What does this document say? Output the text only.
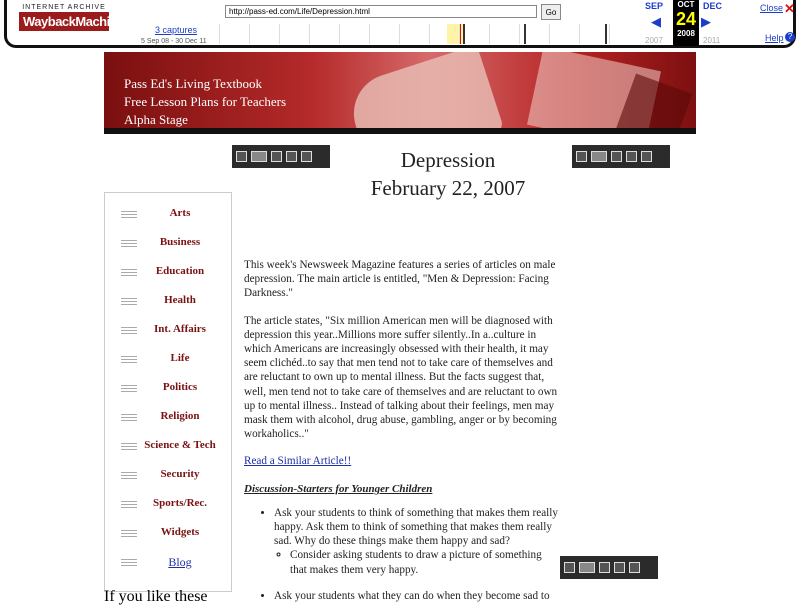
INTERNET ARCHIVE
WaybackMachine
3 captures
5 Sep 08 - 30 Dec 11
http://pass-ed.com/Life/Depression.html
Go
SEP
◀
OCT
24
2008
▶
DEC
2007	2011
Close ✕
Help ?
Pass Ed's Living Textbook
Free Lesson Plans for Teachers
Alpha Stage
Depression
February 22, 2007
Arts
Business
Education
Health
Int. Affairs
Life
Politics
Religion
Science & Tech
Security
Sports/Rec.
Widgets
Blog
If you like these

This week's Newsweek Magazine features a series of articles on male depression. The main article is entitled, "Men & Depression: Facing Darkness."

The article states, "Six million American men will be diagnosed with depression this year..Millions more suffer silently..In a..culture in which Americans are increasingly obsessed with their health, it may seem clichéd..to say that men tend not to take care of themselves and are reluctant to own up to mental illness. But the facts suggest that, well, men tend not to take care of themselves and are reluctant to own up to mental illness.. Instead of talking about their feelings, men may mask them with alcohol, drug abuse, gambling, anger or by becoming workaholics.."

Read a Similar Article!!

Discussion-Starters for Younger Children
• Ask your students to think of something that makes them really happy. Ask them to think of something that makes them really sad. Why do these things make them happy and sad?
◦ Consider asking students to draw a picture of something that makes them very happy.
• Ask your students what they can do when they become sad to
